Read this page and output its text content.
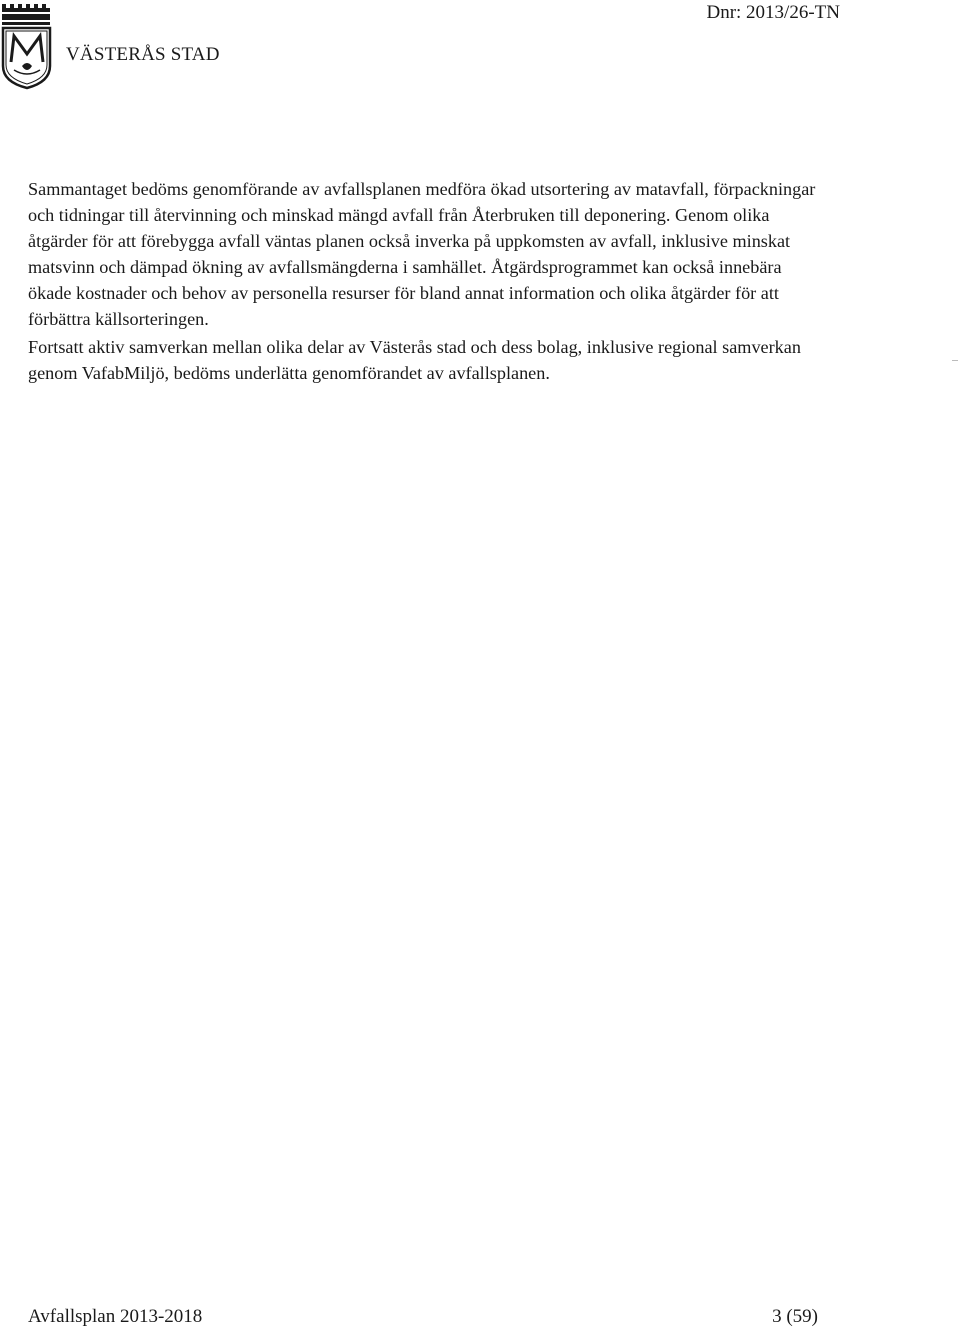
VÄSTERÅS STAD
Dnr: 2013/26-TN

Sammantaget bedöms genomförande av avfallsplanen medföra ökad utsortering av matavfall, förpackningar och tidningar till återvinning och minskad mängd avfall från Återbruken till deponering. Genom olika åtgärder för att förebygga avfall väntas planen också inverka på uppkomsten av avfall, inklusive minskat matsvinn och dämpad ökning av avfallsmängderna i samhället. Åtgärdsprogrammet kan också innebära ökade kostnader och behov av personella resurser för bland annat information och olika åtgärder för att förbättra källsorteringen.

Fortsatt aktiv samverkan mellan olika delar av Västerås stad och dess bolag, inklusive regional samverkan genom VafabMiljö, bedöms underlätta genomförandet av avfallsplanen.

Avfallsplan 2013-2018	3 (59)
